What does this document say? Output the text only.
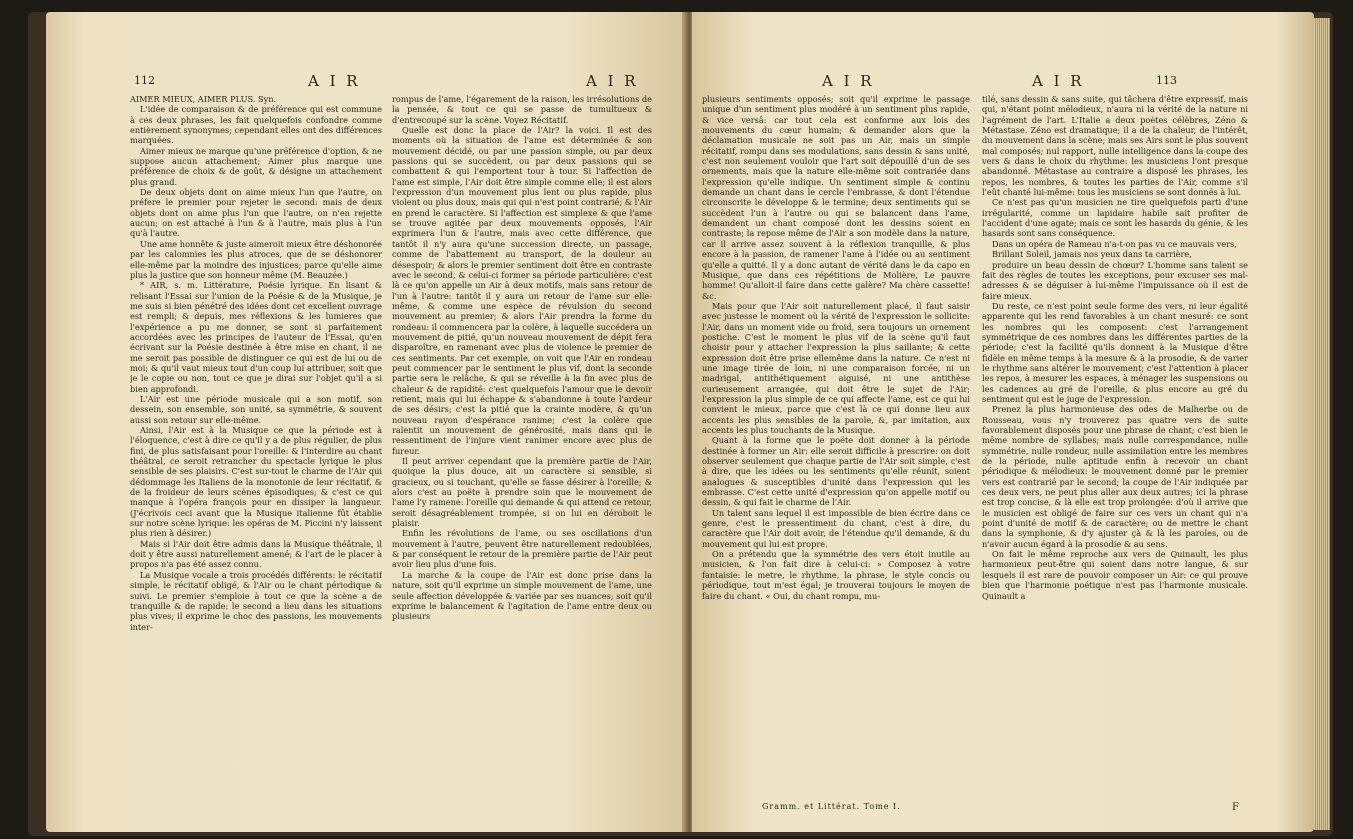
112	A I R	A I R

AIMER MIEUX, AIMER PLUS. Syn.

L'idée de comparaison & de préférence qui est commune à ces deux phrases, les fait quelquefois confondre comme entièrement synonymes; cependant elles ont des différences marquées.

Aimer mieux ne marque qu'une préférence d'option, & ne suppose aucun attachement; Aimer plus marque une préférence de choix & de goût, & désigne un attachement plus grand.

De deux objets dont on aime mieux l'un que l'autre, on préfere le premier pour rejeter le second: mais de deux objets dont on aime plus l'un que l'autre, on n'en rejette aucun; on est attaché à l'un & à l'autre, mais plus à l'un qu'à l'autre.

Une ame honnête & juste aimeroit mieux être déshonorée par les calomnies les plus atroces, que de se déshonorer elle-même par la moindre des injustices; parce qu'elle aime plus la justice que son honneur même (M. Beauzée.)

* AIR, s. m. Littérature, Poésie lyrique. En lisant & relisant l'Essai sur l'union de la Poésie & de la Musique, je me suis si bien pénétré des idées dont cet excellent ouvrage est rempli; & depuis, mes réflexions & les lumieres que l'expérience a pu me donner, se sont si parfaitement accordées avec les principes de l'auteur de l'Essai, qu'en écrivant sur la Poésie destinée à être mise en chant, il ne me seroit pas possible de distinguer ce qui est de lui ou de moi; & qu'il vaut mieux tout d'un coup lui attribuer, soit que je le copie ou non, tout ce que je dirai sur l'objet qu'il a si bien approfondi.

L'Air est une période musicale qui a son motif, son dessein, son ensemble, son unité, sa symmétrie, & souvent aussi son retour sur elle-même.

Ainsi, l'Air est à la Musique ce que la période est à l'éloquence, c'est à dire ce qu'il y a de plus régulier, de plus fini, de plus satisfaisant pour l'oreille: & l'interdire au chant théâtral, ce seroit retrancher du spectacle lyrique le plus sensible de ses plaisirs. C'est sur-tout le charme de l'Air qui dédommage les Italiens de la monotonie de leur récitatif, & de la froideur de leurs scènes épisodiques; & c'est ce qui manque à l'opéra françois pour en dissiper la langueur. (J'écrivois ceci avant que la Musique italienne fût établie sur notre scène lyrique: les opéras de M. Piccini n'y laissent plus rien à désirer.)

Mais si l'Air doit être admis dans la Musique théâtrale, il doit y être aussi naturellement amené; & l'art de le placer à propos n'a pas été assez connu.

La Musique vocale a trois procédés différents: le récitatif simple, le récitatif obligé, & l'Air ou le chant périodique & suivi. Le premier s'emploie à tout ce que la scène a de tranquille & de rapide: le second a lieu dans les situations plus vives; il exprime le choc des passions, les mouvements inter-

rompus de l'ame, l'égarement de la raison, les irrésolutions de la pensée, & tout ce qui se passe de tumultueux & d'entrecoupé sur la scène. Voyez Récitatif.

Quelle est donc la place de l'Air? la voici. Il est des moments où la situation de l'ame est déterminée & son mouvement décidé, ou par une passion simple, ou par deux passions qui se succèdent, ou par deux passions qui se combattent & qui l'emportent tour à tour. Si l'affection de l'ame est simple, l'Air doit être simple comme elle; il est alors l'expression d'un mouvement plus lent ou plus rapide, plus violent ou plus doux, mais qui qui n'est point contrarié; & l'Air en prend le caractère. Si l'affection est simplexe & que l'ame se trouve agitée par deux mouvements opposés, l'Air exprimera l'un & l'autre, mais avec cette différence, que tantôt il n'y aura qu'une succession directe, un passage, comme de l'abattement au transport, de la douleur au désespoir; & alors le premier sentiment doit être en contraste avec le second, & celui-ci former sa période particulière: c'est là ce qu'on appelle un Air à deux motifs, mais sans retour de l'un à l'autre: tantôt il y aura un retour de l'ame sur elle-même, & comme une espèce de révulsion du second mouvement au premier; & alors l'Air prendra la forme du rondeau: il commencera par la colère, à laquelle succédera un mouvement de pitié, qu'un nouveau mouvement de dépit fera disparoître, en ramenant avec plus de violence le premier de ces sentiments. Par cet exemple, on voit que l'Air en rondeau peut commencer par le sentiment le plus vif, dont la seconde partie sera le relâche, & qui se réveille à la fin avec plus de chaleur & de rapidité: c'est quelquefois l'amour que le devoir retient, mais qui lui échappe & s'abandonne à toute l'ardeur de ses désirs; c'est la pitié que la crainte modère, & qu'un nouveau rayon d'espérance ranime; c'est la colère que ralentit un mouvement de générosité, mais dans qui le ressentiment de l'injure vient ranimer encore avec plus de fureur.

Il peut arriver cependant que la première partie de l'Air, quoique la plus douce, ait un caractère si sensible, si gracieux, ou si touchant, qu'elle se fasse désirer à l'oreille; & alors c'est au poëte à prendre soin que le mouvement de l'ame l'y ramene: l'oreille qui demande & qui attend ce retour, seroit désagréablement trompée, si on lui en déroboit le plaisir.

Enfin les révolutions de l'ame, ou ses oscillations d'un mouvement à l'autre, peuvent être naturellement redoublées, & par conséquent le retour de la première partie de l'Air peut avoir lieu plus d'une fois.

La marche & la coupe de l'Air est donc prise dans la nature, soit qu'il exprime un simple mouvement de l'ame, une seule affection développée & variée par ses nuances; soit qu'il exprime le balancement & l'agitation de l'ame entre deux ou plusieurs

A I R	A I R	113

plusieurs sentiments opposés; soit qu'il exprime le passage unique d'un sentiment plus modéré à un sentiment plus rapide, & vice versâ: car tout cela est conforme aux lois des mouvements du cœur humain; & demander alors que la déclamation musicale ne soit pas un Air, mais un simple récitatif, rompu dans ses modulations, sans dessin & sans unité, c'est non seulement vouloir que l'art soit dépouillé d'un de ses ornements, mais que la nature elle-même soit contrariée dans l'expression qu'elle indique. Un sentiment simple & continu demande un chant dans le cercle l'embrasse, & dont l'étendue circonscrite le développe & le termine; deux sentiments qui se succèdent l'un à l'autre ou qui se balancent dans l'ame, demandent un chant composé dont les dessins soient en contraste; la repose même de l'Air a son modèle dans la nature, car il arrive assez souvent à la réflexion tranquille, & plus encore à la passion, de ramener l'ame à l'idée ou au sentiment qu'elle a quitté. Il y a donc autant de vérité dans le da capo en Musique, que dans ces répétitions de Molière, Le pauvre homme! Qu'alloit-il faire dans cette galère? Ma chère cassette! &c.

Mais pour que l'Air soit naturellement placé, il faut saisir avec justesse le moment où la vérité de l'expression le sollicite: l'Air, dans un moment vide ou froid, sera toujours un ornement postiche. C'est le moment le plus vif de la scène qu'il faut choisir pour y attacher l'expression la plus saillante; & cette expression doit être prise ellemême dans la nature. Ce n'est ni une image tirée de loin, ni une comparaison forcée, ni un madrigal, antithétiquement aiguisé, ni une antithèse curieusement arrangée, qui doit être le sujet de l'Air; l'expression la plus simple de ce qui affecte l'ame, est ce qui lui convient le mieux, parce que c'est là ce qui donne lieu aux accents les plus sensibles de la parole, &, par imitation, aux accents les plus touchants de la Musique.

Quant à la forme que le poëte doit donner à la période destinée à former un Air: elle seroit difficile à prescrire: on doit observer seulement que chaque partie de l'Air soit simple, c'est à dire, que les idées ou les sentiments qu'elle réunit, soient analogues & susceptibles d'unité dans l'expression qui les embrasse. C'est cette unité d'expression qu'on appelle motif ou dessin, & qui fait le charme de l'Air.

Un talent sans lequel il est impossible de bien écrire dans ce genre, c'est le pressentiment du chant, c'est à dire, du caractère que l'Air doit avoir, de l'étendue qu'il demande, & du mouvement qui lui est propre.

On a prétendu que la symmétrie des vers étoit inutile au musicien, & l'on fait dire à celui-ci: » Composez à votre fantaisie: le metre, le rhythme, la phrase, le style concis ou périodique, tout m'est égal; je trouverai toujours le moyen de faire du chant. « Oui, du chant rompu, mu-

tilé, sans dessin & sans suite, qui tâchera d'être expressif, mais qui, n'étant point mélodieux, n'aura ni la vérité de la nature ni l'agrément de l'art. L'Italie a deux poètes célèbres, Zéno & Métastase. Zéno est dramatique; il a de la chaleur, de l'intérêt, du mouvement dans la scène; mais ses Airs sont le plus souvent mal composés; nul rapport, nulle intelligence dans la coupe des vers & dans le choix du rhythme: les musiciens l'ont presque abandonné. Métastase au contraire a disposé les phrases, les repos, les nombres, & toutes les parties de l'Air, comme s'il l'eût chanté lui-même: tous les musiciens se sont donnés à lui.

Ce n'est pas qu'un musicien ne tire quelquefois parti d'une irrégularité, comme un lapidaire habile sait profiter de l'accident d'une agate; mais ce sont les hasards du génie, & les hasards sont sans conséquence.

Dans un opéra de Rameau n'a-t-on pas vu ce mauvais vers,

Brillant Soleil, jamais nos yeux dans ta carrière,

produire un beau dessin de chœur? L'homme sans talent se fait des règles de toutes les exceptions, pour excuser ses mal-adresses & se déguiser à lui-même l'impuissance où il est de faire mieux.

Du reste, ce n'est point seule forme des vers, ni leur égalité apparente qui les rend favorables à un chant mesuré: ce sont les nombres qui les composent: c'est l'arrangement symmétrique de ces nombres dans les différentes parties de la période; c'est la facilité qu'ils donnent à la Musique d'être fidèle en même temps à la mesure & à la prosodie, & de varier le rhythme sans altérer le mouvement; c'est l'attention à placer les repos, à mesurer les espaces, à ménager les suspensions ou les cadences au gré de l'oreille, & plus encore au gré du sentiment qui est le juge de l'expression.

Prenez la plus harmonieuse des odes de Malherbe ou de Rousseau, vous n'y trouverez pas quatre vers de suite favorablement disposés pour une phrase de chant; c'est bien le même nombre de syllabes; mais nulle correspondance, nulle symmétrie, nulle rondeur, nulle assimilation entre les membres de la période, nulle aptitude enfin à recevoir un chant périodique & mélodieux: le mouvement donné par le premier vers est contrarié par le second; la coupe de l'Air indiquée par ces deux vers, ne peut plus aller aux deux autres; ici la phrase est trop concise, & là elle est trop prolongée: d'où il arrive que le musicien est obligé de faire sur ces vers un chant qui n'a point d'unité de motif & de caractère; ou de mettre le chant dans la symphonie, & d'y ajuster çà & là les paroles, ou de n'avoir aucun égard à la prosodie & au sens.

On fait le même reproche aux vers de Quinault, les plus harmonieux peut-être qui soient dans notre langue, & sur lesquels il est rare de pouvoir composer un Air: ce qui prouve bien que l'harmonie poétique n'est pas l'harmonie musicale. Quinault a

Gramm. et Littérat. Tome I.	F
